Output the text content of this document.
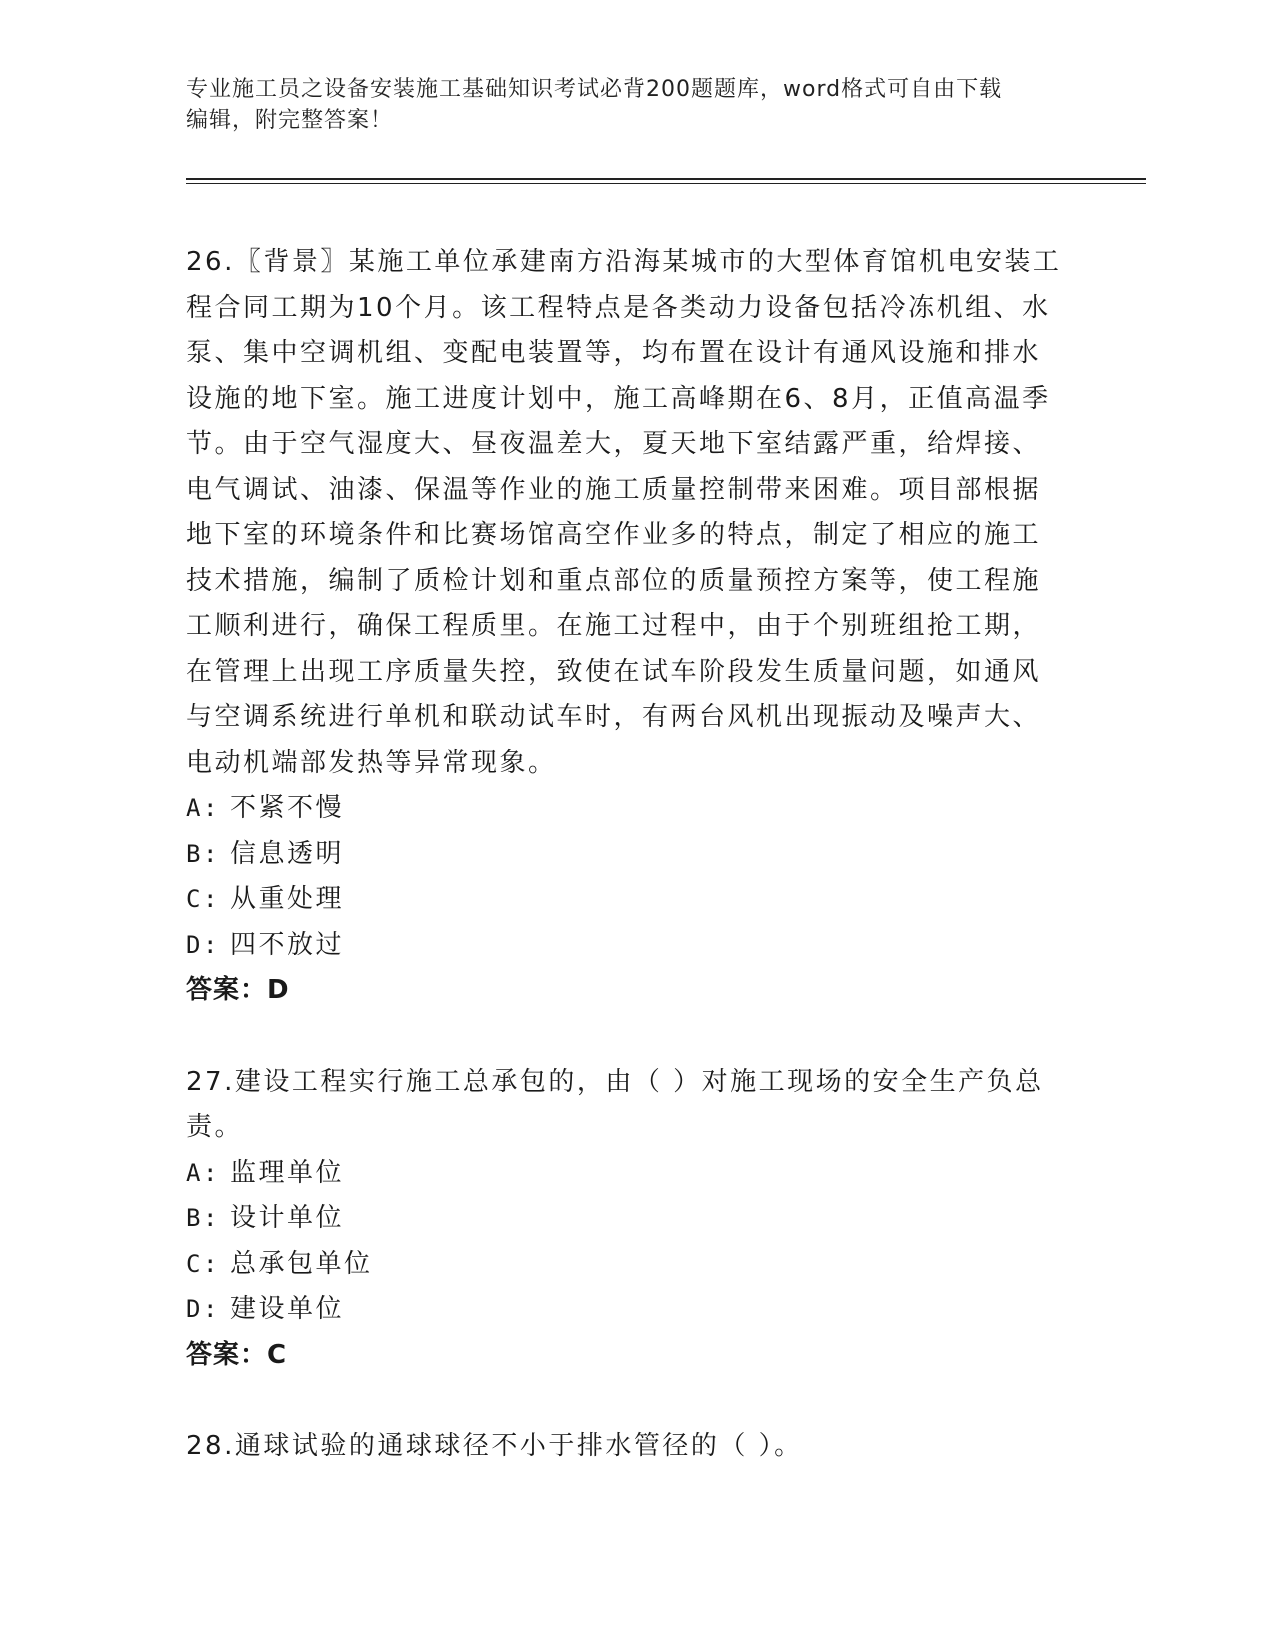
专业施工员之设备安装施工基础知识考试必背200题题库，word格式可自由下载
编辑，附完整答案！
26.〖背景〗某施工单位承建南方沿海某城市的大型体育馆机电安装工
程合同工期为10个月。该工程特点是各类动力设备包括冷冻机组、水
泵、集中空调机组、变配电装置等，均布置在设计有通风设施和排水
设施的地下室。施工进度计划中，施工高峰期在6、8月，正值高温季
节。由于空气湿度大、昼夜温差大，夏天地下室结露严重，给焊接、
电气调试、油漆、保温等作业的施工质量控制带来困难。项目部根据
地下室的环境条件和比赛场馆高空作业多的特点，制定了相应的施工
技术措施，编制了质检计划和重点部位的质量预控方案等，使工程施
工顺利进行，确保工程质里。在施工过程中，由于个别班组抢工期，
在管理上出现工序质量失控，致使在试车阶段发生质量问题，如通风
与空调系统进行单机和联动试车时，有两台风机出现振动及噪声大、
电动机端部发热等异常现象。
A: 不紧不慢
B: 信息透明
C: 从重处理
D: 四不放过
答案：D
27.建设工程实行施工总承包的，由（ ）对施工现场的安全生产负总
责。
A: 监理单位
B: 设计单位
C: 总承包单位
D: 建设单位
答案：C
28.通球试验的通球球径不小于排水管径的（ ）。
